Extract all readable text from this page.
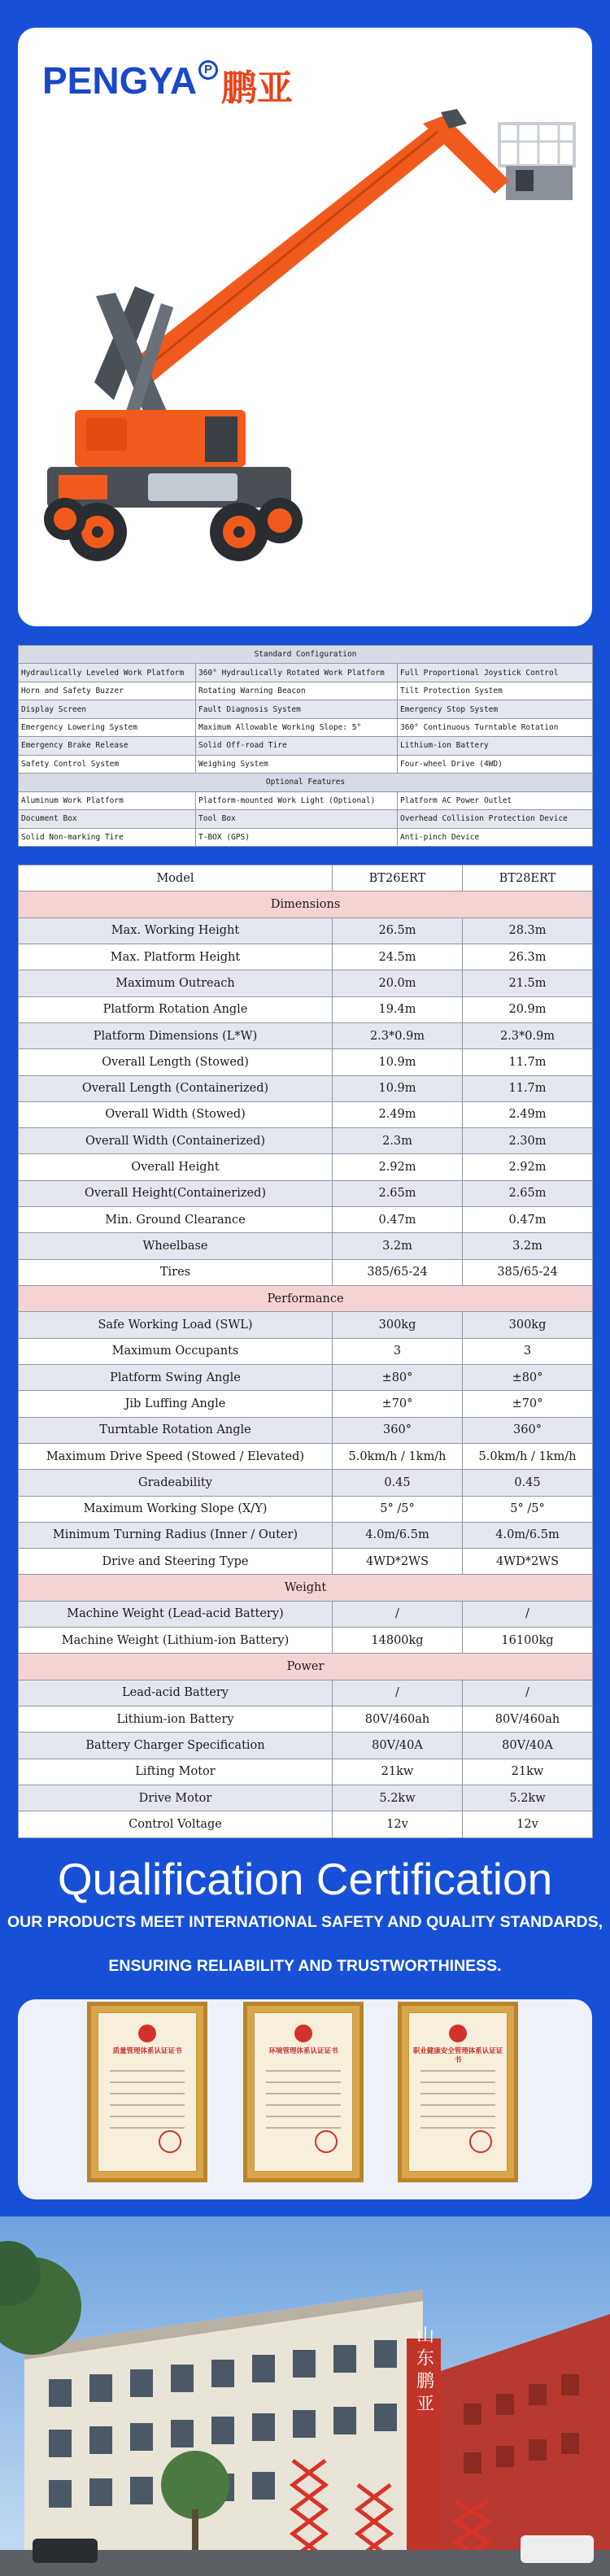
PENGYA P 鹏亚
Standard Configuration		
Hydraulically Leveled Work Platform	360° Hydraulically Rotated Work Platform	Full Proportional Joystick Control
Horn and Safety Buzzer	Rotating Warning Beacon	Tilt Protection System
Display Screen	Fault Diagnosis System	Emergency Stop System
Emergency Lowering System	Maximum Allowable Working Slope: 5°	360° Continuous Turntable Rotation
Emergency Brake Release	Solid Off-road Tire	Lithium-ion Battery
Safety Control System	Weighing System	Four-wheel Drive (4WD)
Optional Features		
Aluminum Work Platform	Platform-mounted Work Light (Optional)	Platform AC Power Outlet
Document Box	Tool Box	Overhead Collision Protection Device
Solid Non-marking Tire	T-BOX (GPS)	Anti-pinch Device
Model	BT26ERT	BT28ERT
Dimensions		
Max. Working Height	26.5m	28.3m
Max. Platform Height	24.5m	26.3m
Maximum Outreach	20.0m	21.5m
Platform Rotation Angle	19.4m	20.9m
Platform Dimensions (L*W)	2.3*0.9m	2.3*0.9m
Overall Length (Stowed)	10.9m	11.7m
Overall Length (Containerized)	10.9m	11.7m
Overall Width (Stowed)	2.49m	2.49m
Overall Width (Containerized)	2.3m	2.30m
Overall Height	2.92m	2.92m
Overall Height(Containerized)	2.65m	2.65m
Min. Ground Clearance	0.47m	0.47m
Wheelbase	3.2m	3.2m
Tires	385/65-24	385/65-24
Performance		
Safe Working Load (SWL)	300kg	300kg
Maximum Occupants	3	3
Platform Swing Angle	±80°	±80°
Jib Luffing Angle	±70°	±70°
Turntable Rotation Angle	360°	360°
Maximum Drive Speed (Stowed / Elevated)	5.0km/h / 1km/h	5.0km/h / 1km/h
Gradeability	0.45	0.45
Maximum Working Slope (X/Y)	5° /5°	5° /5°
Minimum Turning Radius (Inner / Outer)	4.0m/6.5m	4.0m/6.5m
Drive and Steering Type	4WD*2WS	4WD*2WS
Weight		
Machine Weight (Lead-acid Battery)	/	/
Machine Weight (Lithium-ion Battery)	14800kg	16100kg
Power		
Lead-acid Battery	/	/
Lithium-ion Battery	80V/460ah	80V/460ah
Battery Charger Specification	80V/40A	80V/40A
Lifting Motor	21kw	21kw
Drive Motor	5.2kw	5.2kw
Control Voltage	12v	12v
Qualification Certification
OUR PRODUCTS MEET INTERNATIONAL SAFETY AND QUALITY STANDARDS,
ENSURING RELIABILITY AND TRUSTWORTHINESS.
质量管理体系认证证书	环境管理体系认证证书	职业健康安全管理体系认证证书
山东鹏亚
